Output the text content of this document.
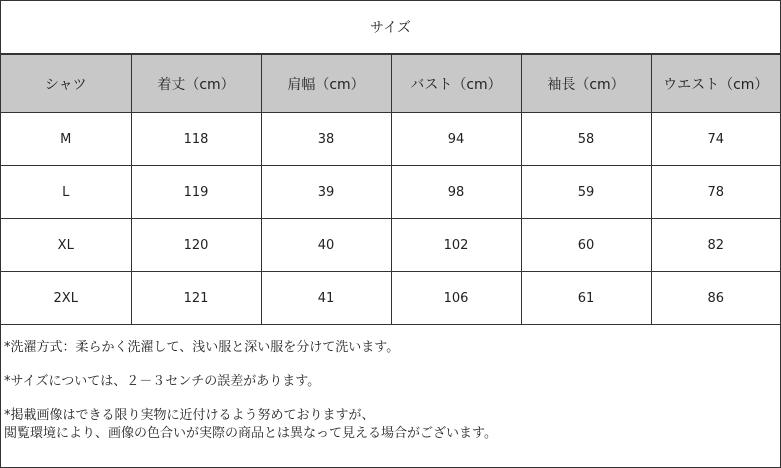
サイズ
シャツ	着丈（cm）	肩幅（cm）	バスト（cm）	袖長（cm）	ウエスト（cm）
M	118	38	94	58	74
L	119	39	98	59	78
XL	120	40	102	60	82
2XL	121	41	106	61	86

*洗濯方式：柔らかく洗濯して、浅い服と深い服を分けて洗います。

*サイズについては、２－３センチの誤差があります。

*掲載画像はできる限り実物に近付けるよう努めておりますが、

閲覧環境により、画像の色合いが実際の商品とは異なって見える場合がございます。
